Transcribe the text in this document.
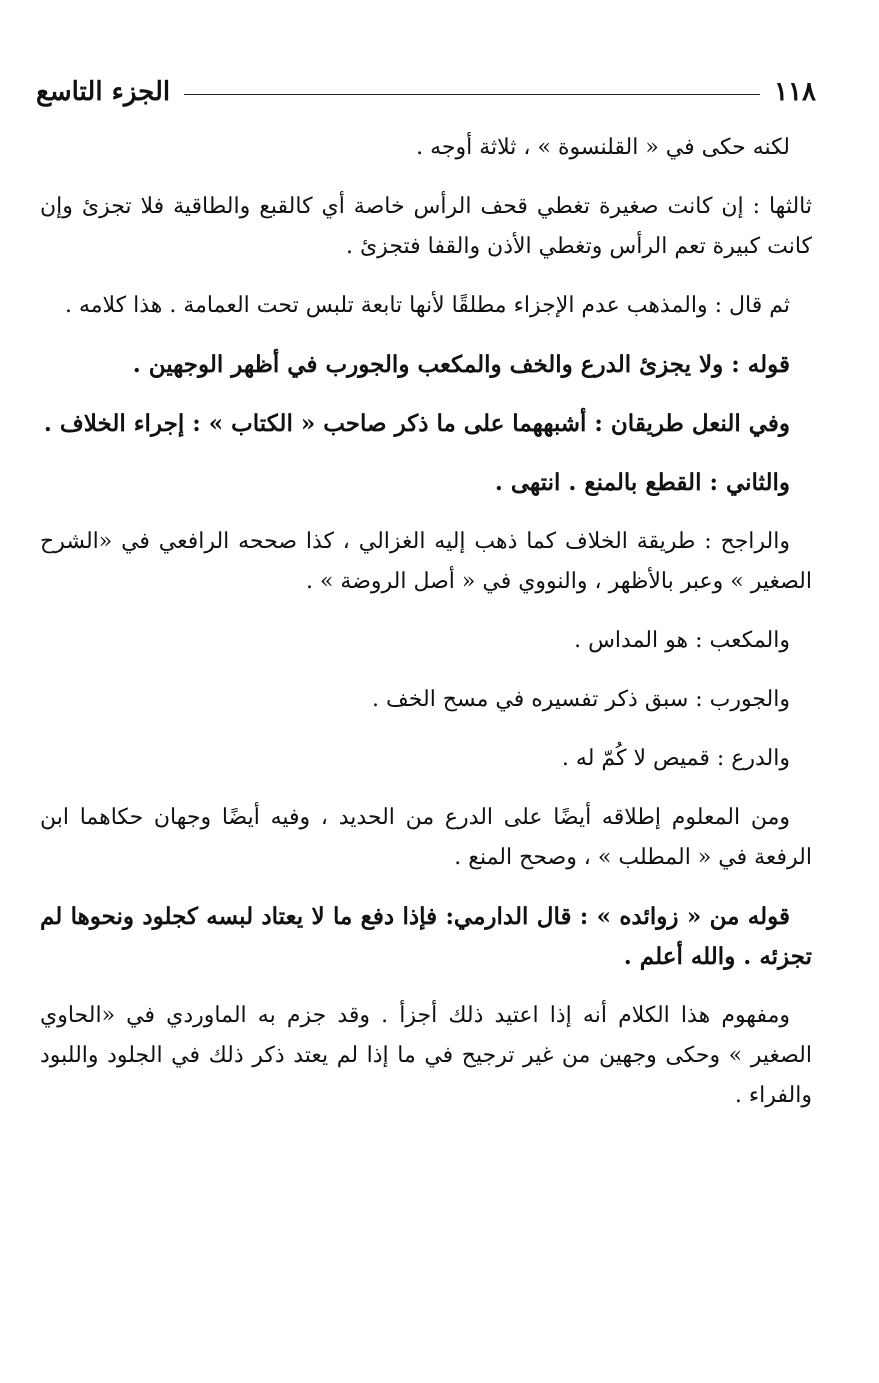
١١٨
الجزء التاسع

لكنه حكى في « القلنسوة » ، ثلاثة أوجه .

ثالثها : إن كانت صغيرة تغطي قحف الرأس خاصة أي كالقبع والطاقية فلا تجزئ وإن كانت كبيرة تعم الرأس وتغطي الأذن والقفا فتجزئ .

ثم قال : والمذهب عدم الإجزاء مطلقًا لأنها تابعة تلبس تحت العمامة . هذا كلامه .

قوله : ولا يجزئ الدرع والخف والمكعب والجورب في أظهر الوجهين .

وفي النعل طريقان : أشبههما على ما ذكر صاحب « الكتاب » : إجراء الخلاف .

والثاني : القطع بالمنع . انتهى .

والراجح : طريقة الخلاف كما ذهب إليه الغزالي ، كذا صححه الرافعي في «الشرح الصغير » وعبر بالأظهر ، والنووي في « أصل الروضة » .

والمكعب : هو المداس .

والجورب : سبق ذكر تفسيره في مسح الخف .

والدرع : قميص لا كُمّ له .

ومن المعلوم إطلاقه أيضًا على الدرع من الحديد ، وفيه أيضًا وجهان حكاهما ابن الرفعة في « المطلب » ، وصحح المنع .

قوله من « زوائده » : قال الدارمي: فإذا دفع ما لا يعتاد لبسه كجلود ونحوها لم تجزئه . والله أعلم .

ومفهوم هذا الكلام أنه إذا اعتيد ذلك أجزأ . وقد جزم به الماوردي في «الحاوي الصغير » وحكى وجهين من غير ترجيح في ما إذا لم يعتد ذكر ذلك في الجلود واللبود والفراء .
